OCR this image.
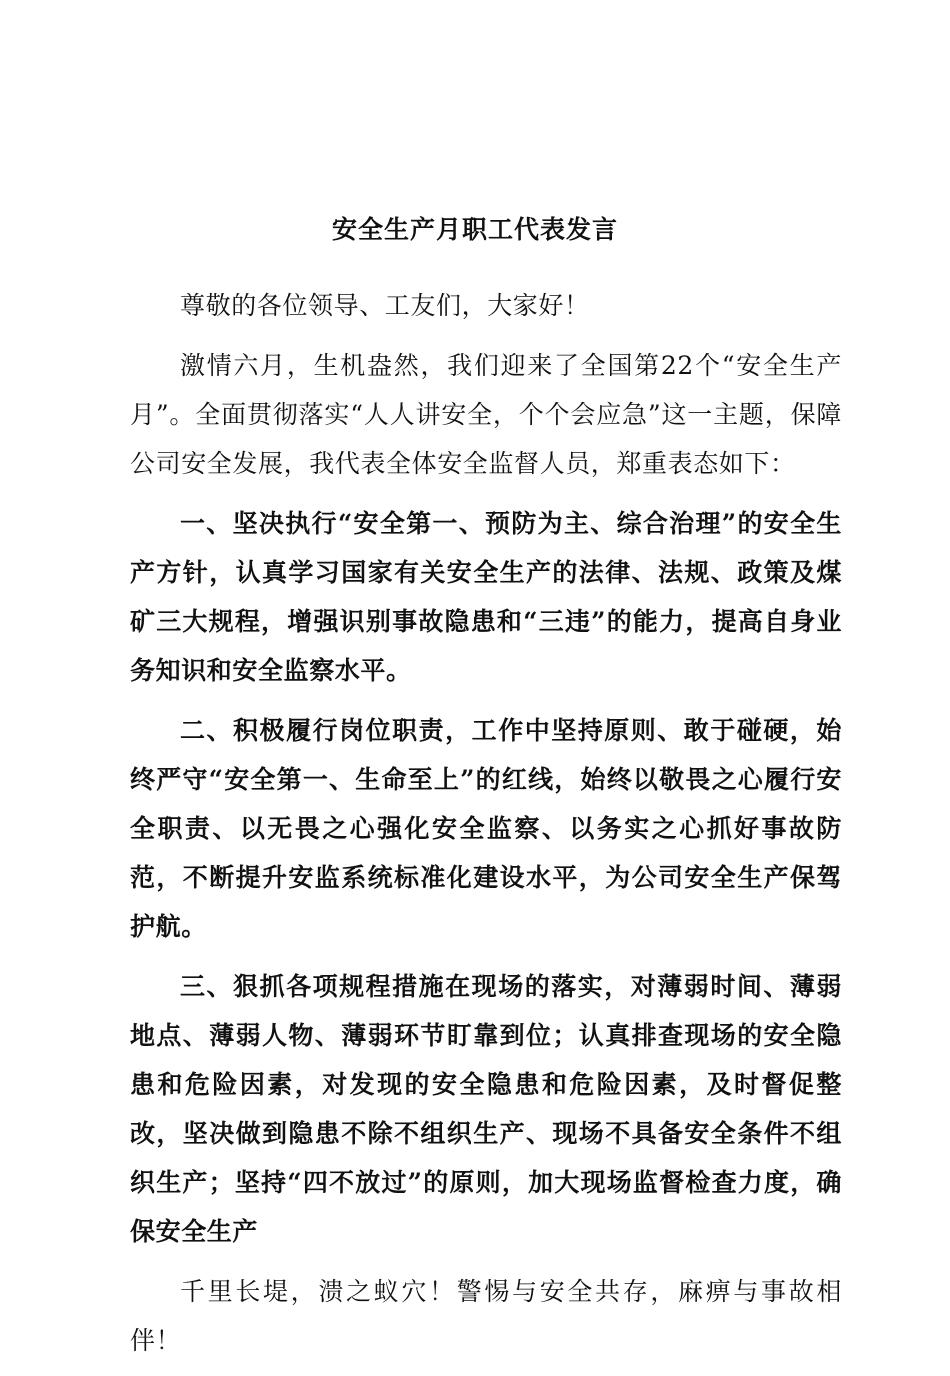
安全生产月职工代表发言

尊敬的各位领导、工友们，大家好！

激情六月，生机盎然，我们迎来了全国第22个“安全生产月”。全面贯彻落实“人人讲安全，个个会应急”这一主题，保障公司安全发展，我代表全体安全监督人员，郑重表态如下：

一、坚决执行“安全第一、预防为主、综合治理”的安全生产方针，认真学习国家有关安全生产的法律、法规、政策及煤矿三大规程，增强识别事故隐患和“三违”的能力，提高自身业务知识和安全监察水平。

二、积极履行岗位职责，工作中坚持原则、敢于碰硬，始终严守“安全第一、生命至上”的红线，始终以敬畏之心履行安全职责、以无畏之心强化安全监察、以务实之心抓好事故防范，不断提升安监系统标准化建设水平，为公司安全生产保驾护航。

三、狠抓各项规程措施在现场的落实，对薄弱时间、薄弱地点、薄弱人物、薄弱环节盯靠到位；认真排查现场的安全隐患和危险因素，对发现的安全隐患和危险因素，及时督促整改，坚决做到隐患不除不组织生产、现场不具备安全条件不组织生产；坚持“四不放过”的原则，加大现场监督检查力度，确保安全生产

千里长堤，溃之蚁穴！警惕与安全共存，麻痹与事故相伴！
